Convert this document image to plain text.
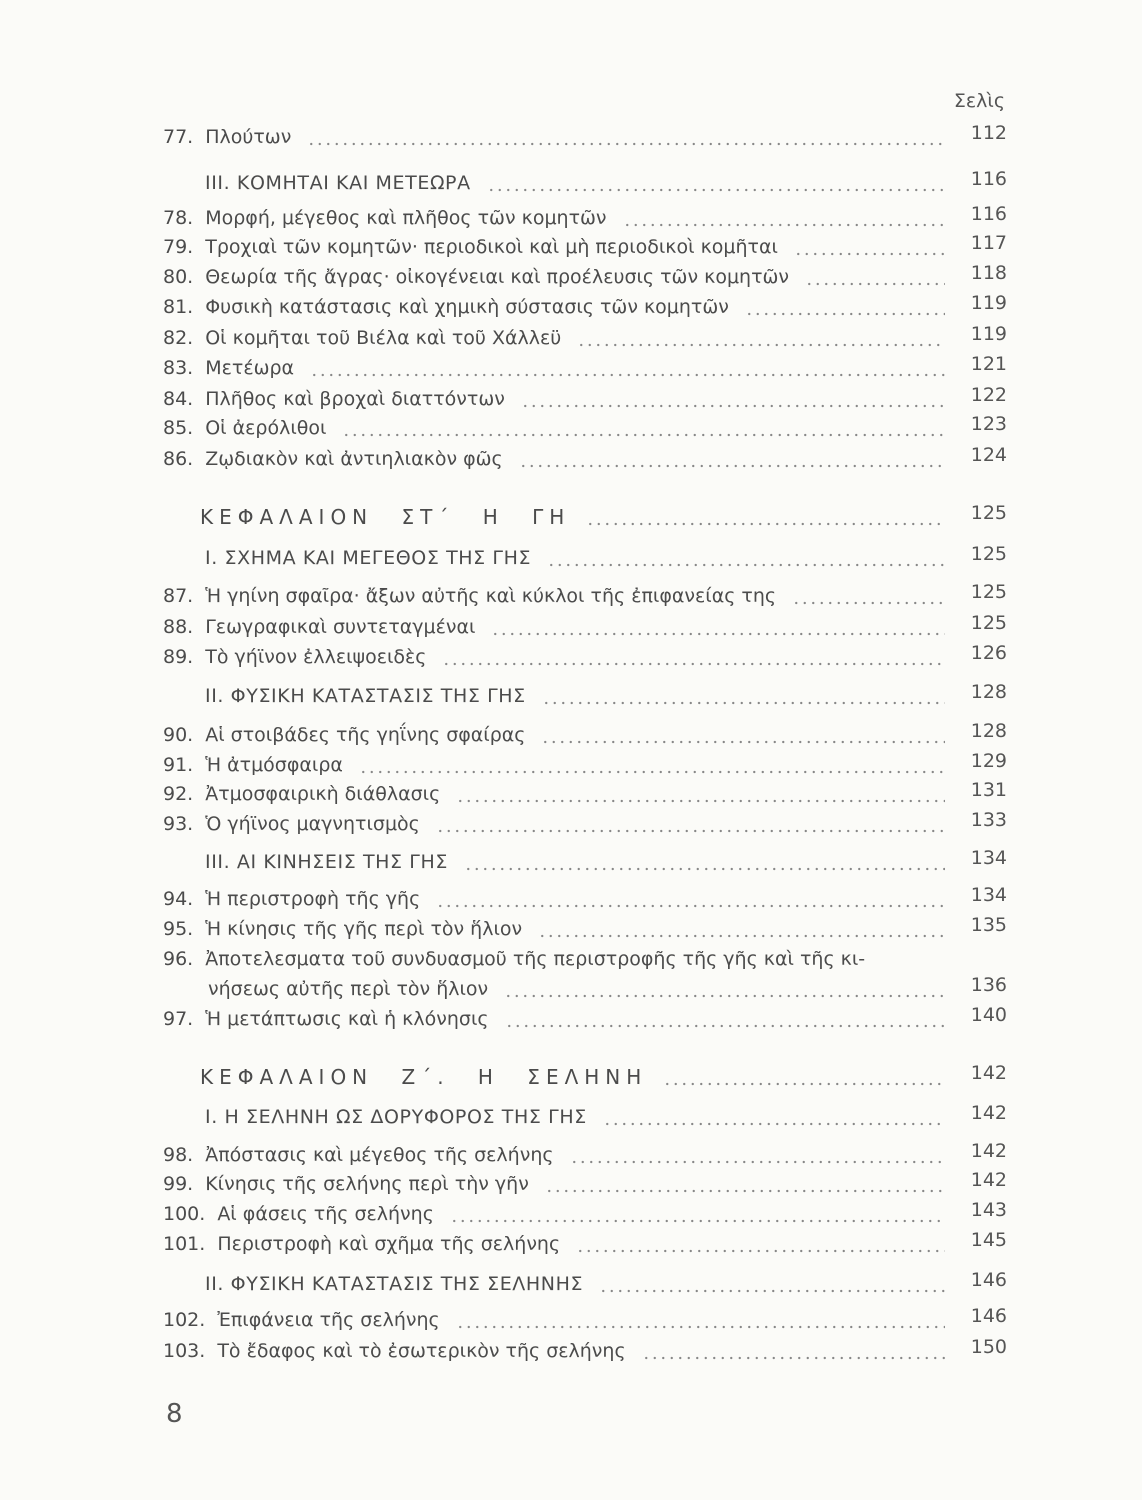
Σελὶς
8
77. Πλούτων	112
III. ΚΟΜΗΤΑΙ ΚΑΙ ΜΕΤΕΩΡΑ	116
78. Μορφή, μέγεθος καὶ πλῆθος τῶν κομητῶν	116
79. Τροχιαὶ τῶν κομητῶν· περιοδικοὶ καὶ μὴ περιοδικοὶ κομῆται	117
80. Θεωρία τῆς ἄγρας· οἰκογένειαι καὶ προέλευσις τῶν κομητῶν	118
81. Φυσικὴ κατάστασις καὶ χημικὴ σύστασις τῶν κομητῶν	119
82. Οἱ κομῆται τοῦ Βιέλα καὶ τοῦ Χάλλεϋ	119
83. Μετέωρα	121
84. Πλῆθος καὶ βροχαὶ διαττόντων	122
85. Οἱ ἀερόλιθοι	123
86. Ζῳδιακὸν καὶ ἀντιηλιακὸν φῶς	124
ΚΕΦΑΛΑΙΟΝ ΣΤ΄ Η ΓΗ	125
I. ΣΧΗΜΑ ΚΑΙ ΜΕΓΕΘΟΣ ΤΗΣ ΓΗΣ	125
87. Ἡ γηίνη σφαῖρα· ἄξων αὐτῆς καὶ κύκλοι τῆς ἐπιφανείας της	125
88. Γεωγραφικαὶ συντεταγμέναι	125
89. Τὸ γήϊνον ἐλλειψοειδὲς	126
II. ΦΥΣΙΚΗ ΚΑΤΑΣΤΑΣΙΣ ΤΗΣ ΓΗΣ	128
90. Αἱ στοιβάδες τῆς γηΐνης σφαίρας	128
91. Ἡ ἀτμόσφαιρα	129
92. Ἀτμοσφαιρικὴ διάθλασις	131
93. Ὁ γήϊνος μαγνητισμὸς	133
III. ΑΙ ΚΙΝΗΣΕΙΣ ΤΗΣ ΓΗΣ	134
94. Ἡ περιστροφὴ τῆς γῆς	134
95. Ἡ κίνησις τῆς γῆς περὶ τὸν ἥλιον	135
96. Ἀποτελεσματα τοῦ συνδυασμοῦ τῆς περιστροφῆς τῆς γῆς καὶ τῆς κι-
νήσεως αὐτῆς περὶ τὸν ἥλιον	136
97. Ἡ μετάπτωσις καὶ ἡ κλόνησις	140
ΚΕΦΑΛΑΙΟΝ Ζ΄. Η ΣΕΛΗΝΗ	142
I. Η ΣΕΛΗΝΗ ΩΣ ΔΟΡΥΦΟΡΟΣ ΤΗΣ ΓΗΣ	142
98. Ἀπόστασις καὶ μέγεθος τῆς σελήνης	142
99. Κίνησις τῆς σελήνης περὶ τὴν γῆν	142
100. Αἱ φάσεις τῆς σελήνης	143
101. Περιστροφὴ καὶ σχῆμα τῆς σελήνης	145
II. ΦΥΣΙΚΗ ΚΑΤΑΣΤΑΣΙΣ ΤΗΣ ΣΕΛΗΝΗΣ	146
102. Ἐπιφάνεια τῆς σελήνης	146
103. Τὸ ἔδαφος καὶ τὸ ἐσωτερικὸν τῆς σελήνης	150
